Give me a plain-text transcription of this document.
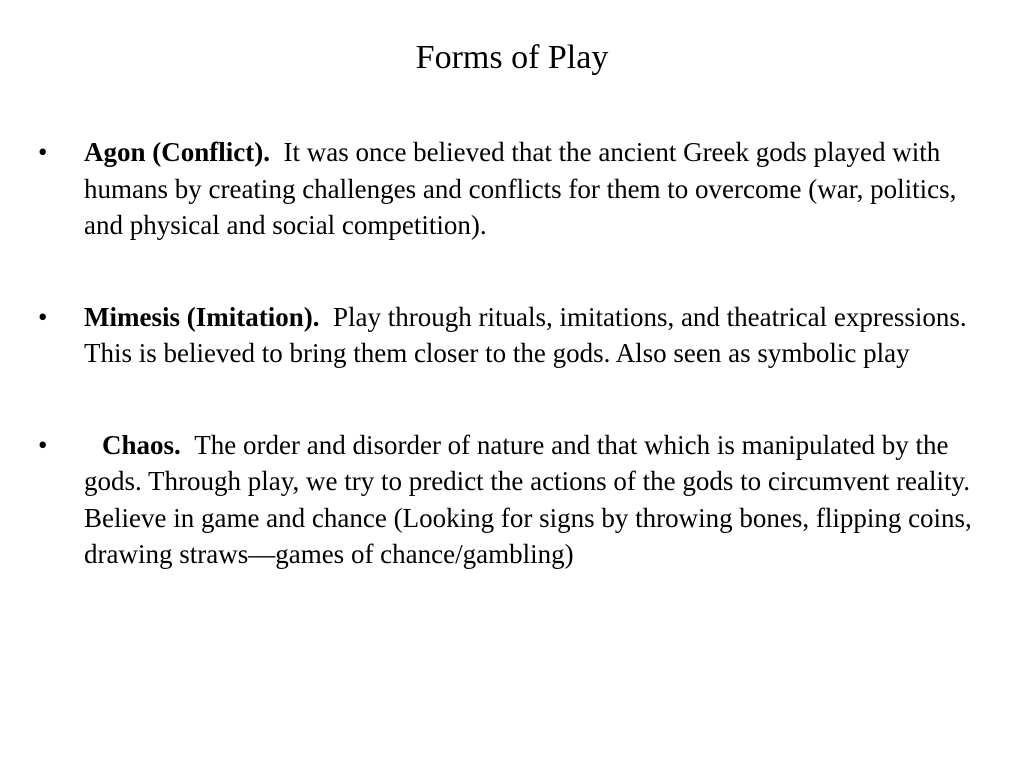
Forms of Play
•	Agon (Conflict). It was once believed that the ancient Greek gods played with humans by creating challenges and conflicts for them to overcome (war, politics, and physical and social competition).
•	Mimesis (Imitation). Play through rituals, imitations, and theatrical expressions. This is believed to bring them closer to the gods. Also seen as symbolic play
•	Chaos. The order and disorder of nature and that which is manipulated by the gods. Through play, we try to predict the actions of the gods to circumvent reality. Believe in game and chance (Looking for signs by throwing bones, flipping coins, drawing straws—games of chance/gambling)
